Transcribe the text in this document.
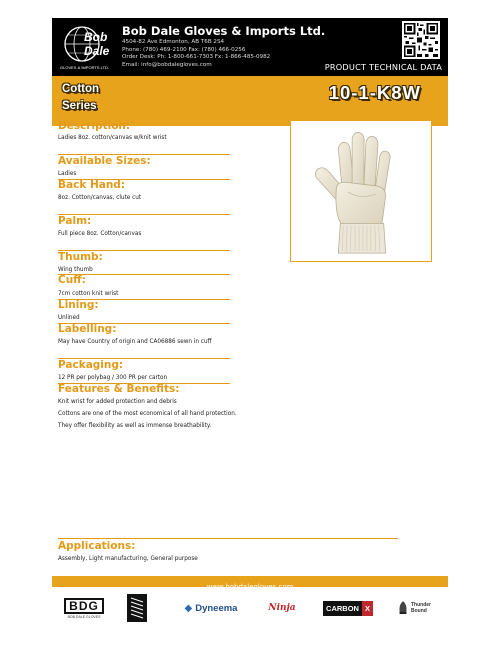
Bob
Dale
GLOVES & IMPORTS LTD.
Bob Dale Gloves & Imports Ltd.
4504-82 Ave Edmonton, AB T6B 2S4
Phone: (780) 469-2100 Fax: (780) 466-0256
Order Desk: Ph: 1-800-661-7303 Fx: 1-866-485-0982
Email: info@bobdalegloves.com	PRODUCT TECHNICAL DATA
Cotton
Series
10-1-K8W
Description:
Ladies 8oz. cotton/canvas w/knit wrist
Available Sizes:
Ladies
Back Hand:
8oz. Cotton/canvas, clute cut
Palm:
Full piece 8oz. Cotton/canvas
Thumb:
Wing thumb
Cuff:
7cm cotton knit wrist
Lining:
Unlined
Labelling:
May have Country of origin and CA06886 sewn in cuff
Packaging:
12 PR per polybag / 300 PR per carton
Features & Benefits:
Knit wrist for added protection and debris
Cottons are one of the most economical of all hand protection.
They offer flexibility as well as immense breathability.
Applications:
Assembly, Light manufacturing, General purpose
www.bobdalegloves.com
BDG
BOB DALE GLOVES
◆ Dyneema	Ninja	CARBON X	Thunder Bound
